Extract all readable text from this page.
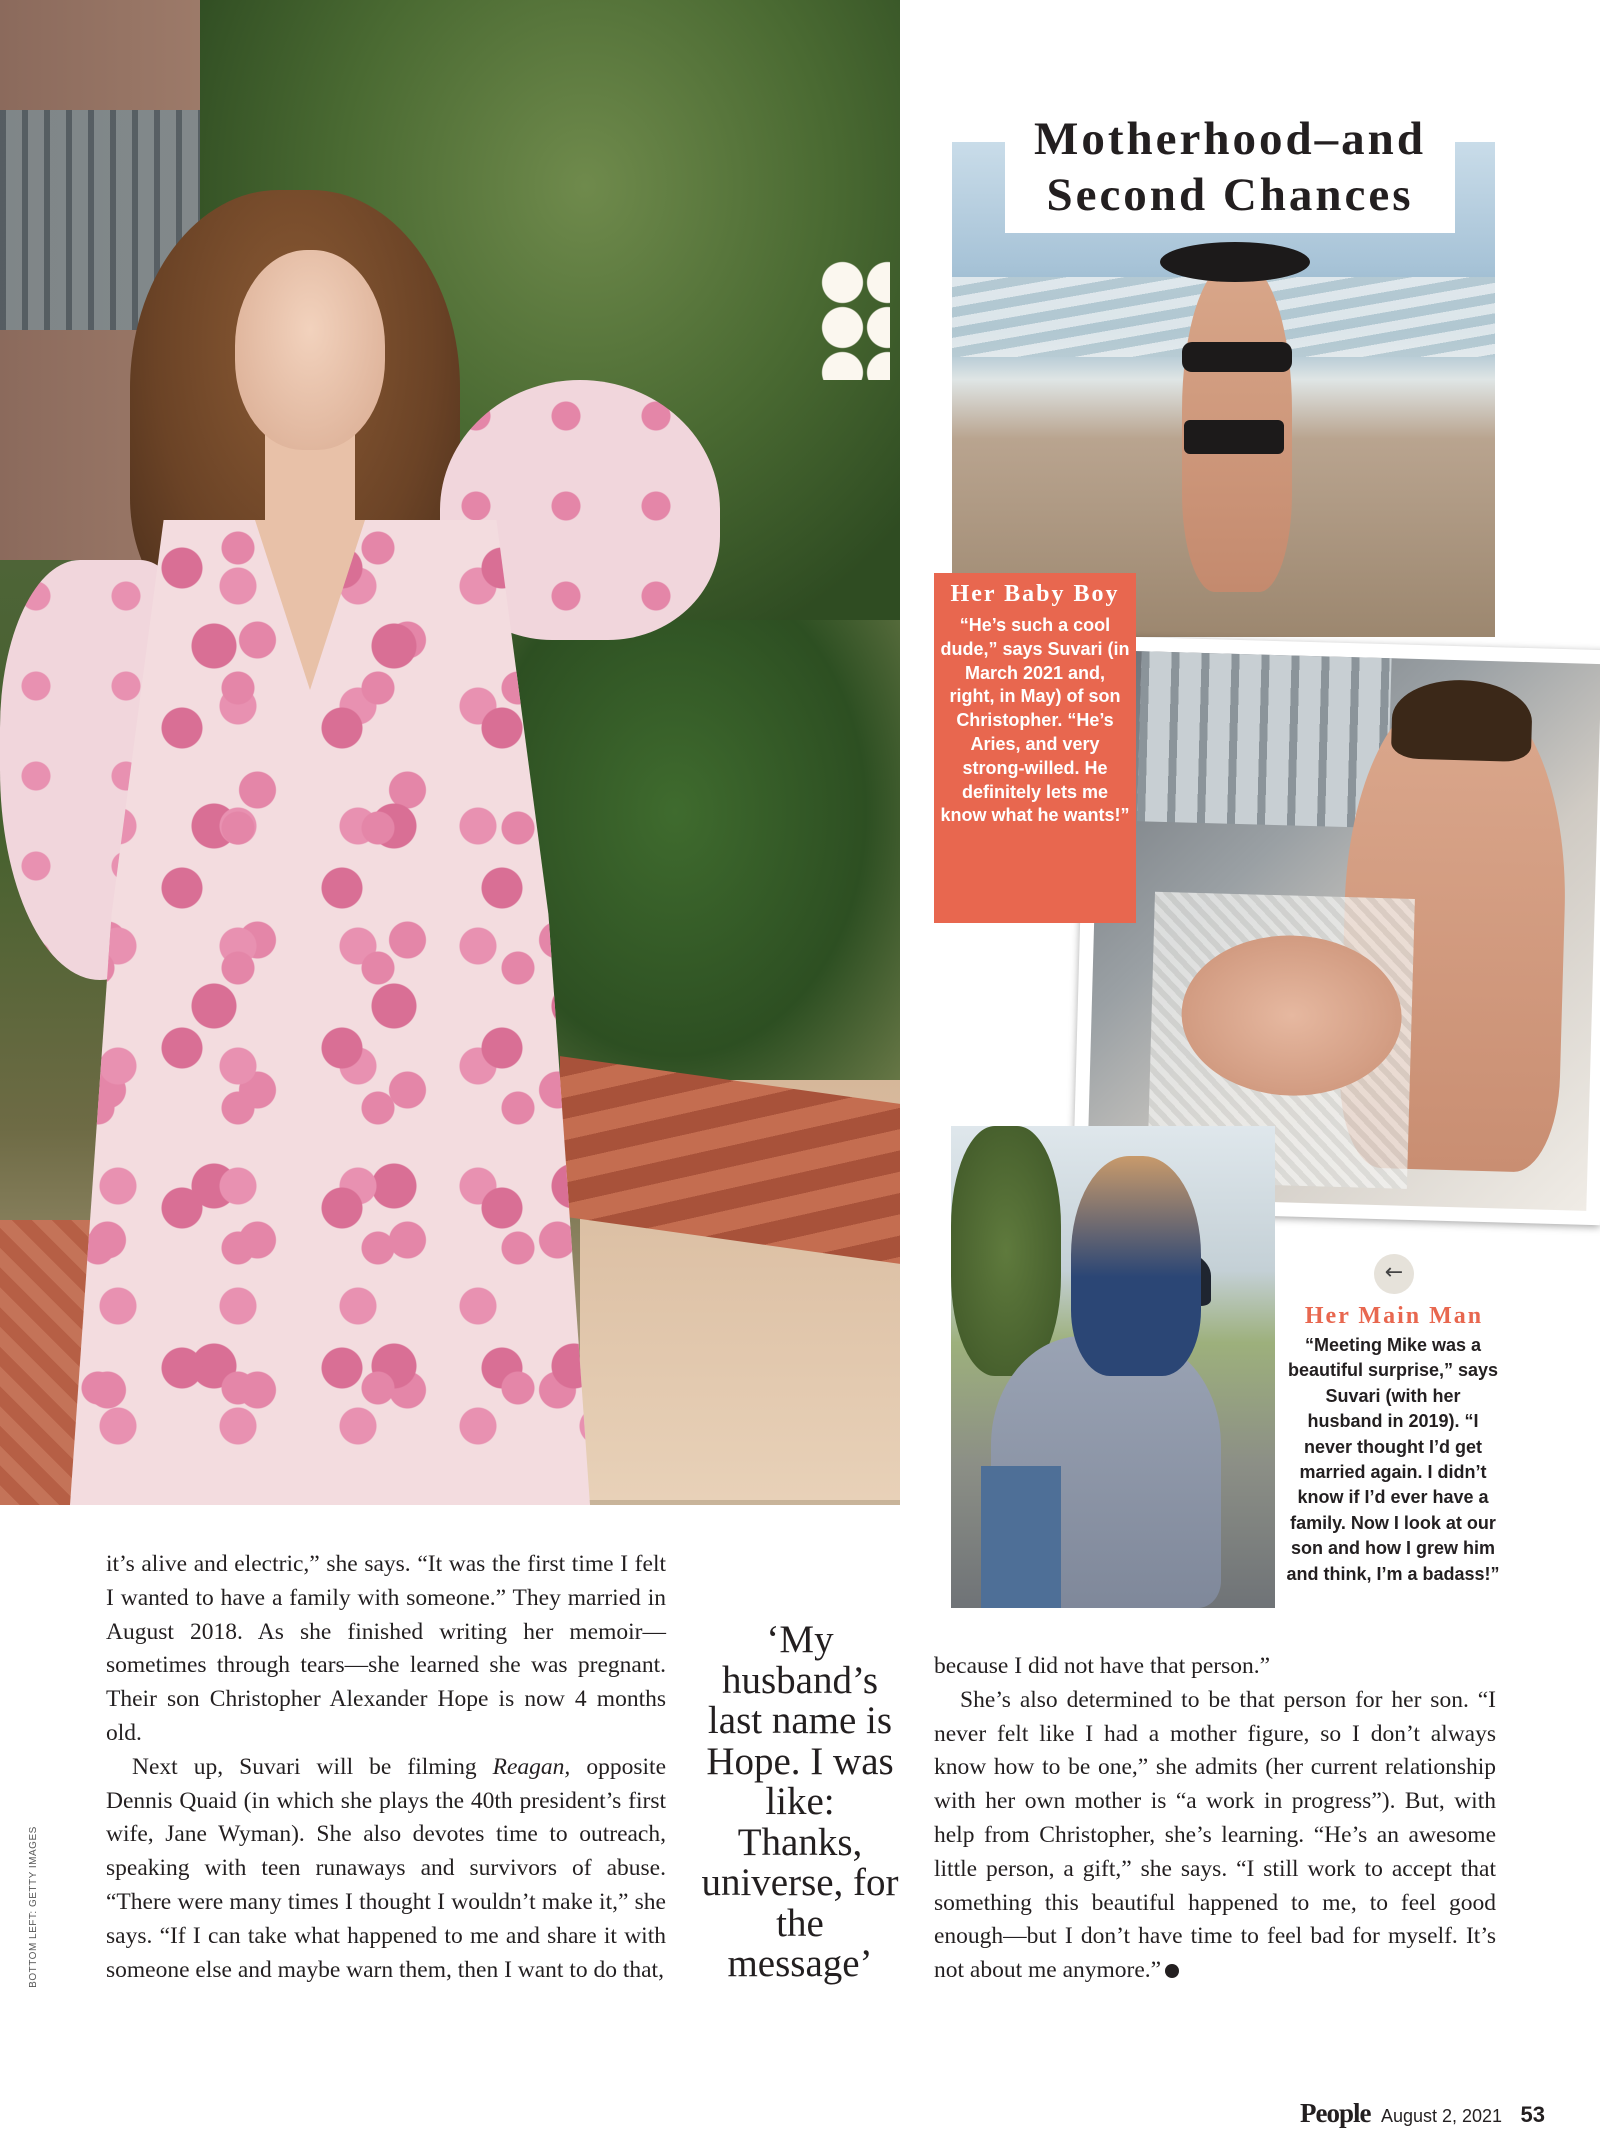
Motherhood–and
Second Chances
Her Baby Boy
“He’s such a cool dude,” says Suvari (in March 2021 and, right, in May) of son Christopher. “He’s Aries, and very strong-willed. He definitely lets me know what he wants!”
←
Her Main Man
“Meeting Mike was a beautiful surprise,” says Suvari (with her husband in 2019). “I never thought I’d get married again. I didn’t know if I’d ever have a family. Now I look at our son and how I grew him and think, I’m a badass!”

it’s alive and electric,” she says. “It was the first time I felt I wanted to have a family with someone.” They married in August 2018. As she finished writing her memoir—sometimes through tears—she learned she was pregnant. Their son Christopher Alexander Hope is now 4 months old.

Next up, Suvari will be filming Reagan, opposite Dennis Quaid (in which she plays the 40th president’s first wife, Jane Wyman). She also devotes time to outreach, speaking with teen runaways and survivors of abuse. “There were many times I thought I wouldn’t make it,” she says. “If I can take what happened to me and share it with someone else and maybe warn them, then I want to do that,

‘My husband’s last name is Hope. I was like: Thanks, universe, for the message’

because I did not have that person.”

She’s also determined to be that person for her son. “I never felt like I had a mother figure, so I don’t always know how to be one,” she admits (her current relationship with her own mother is “a work in progress”). But, with help from Christopher, she’s learning. “He’s an awesome little person, a gift,” she says. “I still work to accept that something this beautiful happened to me, to feel good enough—but I don’t have time to feel bad for myself. It’s not about me anymore.”

BOTTOM LEFT: GETTY IMAGES
People August 2, 2021 53
